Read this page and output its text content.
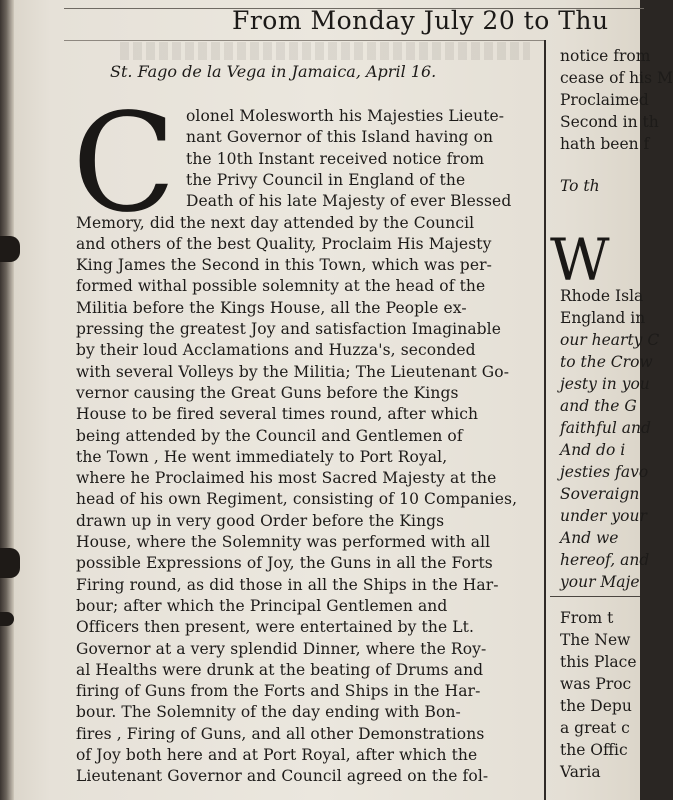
From Monday July 20 to Thu
St. Fago de la Vega in Jamaica, April 16.
C olonel Molesworth his Majesties Lieute-
nant Governor of this Island having on
the 10th Instant received notice from
the Privy Council in England of the
Death of his late Majesty of ever Blessed
Memory, did the next day attended by the Council
and others of the best Quality, Proclaim His Majesty
King James the Second in this Town, which was per-
formed withal possible solemnity at the head of the
Militia before the Kings House, all the People ex-
pressing the greatest Joy and satisfaction Imaginable
by their loud Acclamations and Huzza's, seconded
with several Volleys by the Militia; The Lieutenant Go-
vernor causing the Great Guns before the Kings
House to be fired several times round, after which
being attended by the Council and Gentlemen of
the Town , He went immediately to Port Royal,
where he Proclaimed his most Sacred Majesty at the
head of his own Regiment, consisting of 10 Companies,
drawn up in very good Order before the Kings
House, where the Solemnity was performed with all
possible Expressions of Joy, the Guns in all the Forts
Firing round, as did those in all the Ships in the Har-
bour; after which the Principal Gentlemen and
Officers then present, were entertained by the Lt.
Governor at a very splendid Dinner, where the Roy-
al Healths were drunk at the beating of Drums and
firing of Guns from the Forts and Ships in the Har-
bour. The Solemnity of the day ending with Bon-
fires , Firing of Guns, and all other Demonstrations
of Joy both here and at Port Royal, after which the
Lieutenant Governor and Council agreed on the fol-
notice from
cease of his M
Proclaimed
Second in th
hath been f
To th
W
Rhode Isla
England in
our hearty C
to the Crow
jesty in you
and the G
faithful and
And do i
jesties favo
Soveraign
under your
And we
hereof, and
your Maje
From t
The New
this Place
was Proc
the Depu
a great c
the Offic
Varia
